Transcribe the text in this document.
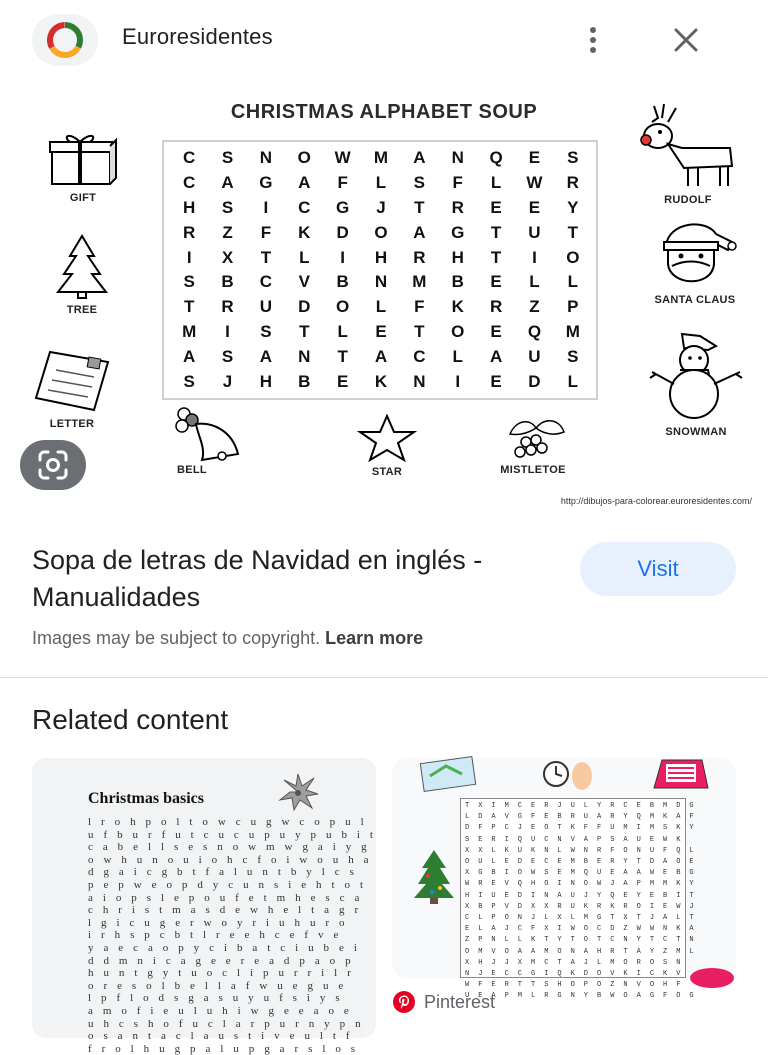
Euroresidentes
CHRISTMAS ALPHABET SOUP
C	S	N	O	W	M	A	N	Q	E	S
C	A	G	A	F	L	S	F	L	W	R
H	S	I	C	G	J	T	R	E	E	Y
R	Z	F	K	D	O	A	G	T	U	T
I	X	T	L	I	H	R	H	T	I	O
S	B	C	V	B	N	M	B	E	L	L
T	R	U	D	O	L	F	K	R	Z	P
M	I	S	T	L	E	T	O	E	Q	M
A	S	A	N	T	A	C	L	A	U	S
S	J	H	B	E	K	N	I	E	D	L
GIFT
TREE
LETTER
BELL	STAR	MISTLETOE
RUDOLF
SANTA CLAUS
SNOWMAN
http://dibujos-para-colorear.euroresidentes.com/
Sopa de letras de Navidad en inglés - Manualidades
Visit
Images may be subject to copyright. Learn more
Related content
Christmas basics
l r o h p o l t o w c u g w c o p u l
u f b u r f u t c u c u p u y p u b i t
c a b e l l s e s n o w m w g a i y g
o w h u n o u i o h c f o i w o u h a
d g a i c g b t f a l u n t b y l c s
p e p w e o p d y c u n s i e h t o t
a i o p s l e p o u f e t m h e s c a
c h r i s t m a s d e w h e l t a g r
l g i c u g e r w o y r i u h u r o
i r h s p c b t l r e e h c e f v e
y a e c a o p y c i b a t c i u b e i
d d m n i c a g e e r e a d p a o p
h u n t g y t u o c l i p u r r i l r
o r e s o l b e l l a f w u e g u e
l p f l o d s g a s u y u f s i y s
a m o f i e u l u h i w g e e a o e
u h c s h o f u c l a r p u r n y p n
o s a n t a c l a u s t i v e u l t f
f r o l h u g p a l u p g a r s l o s
T X I M C E R J U L Y R C E B M D G
L D A V G F E B R U A R Y Q M K A F
D F P C J E O T K F F U M I M S K Y
S E R I Q U C N V A P S A U E W K
X X L K U K N L W N R F O N U F Q L
O U L E D E C E M B E R Y T D A O E
X G B I O W S E M Q U E A A W E B G
W R E V Q H O I N O W J A P M M K Y
H I U E D I N A U J Y Q E Y E B I T
X B P V D X X R U K R K R O I E W J
C L P O N J L X L M G T X T J A L T
E L A J C F X I W O C D Z W W N K A
Z P N L L K T Y T O T C N Y T C T N
O M V O A A M O N A H R T A Y Z M L
X H J J X M C T A J L M O R O S N
N J E C C G I Q K D O V K I C K V
W F E R T T S H O P O Z N V O H F
U E A P M L R G N Y B W O A G F O G
Pinterest
